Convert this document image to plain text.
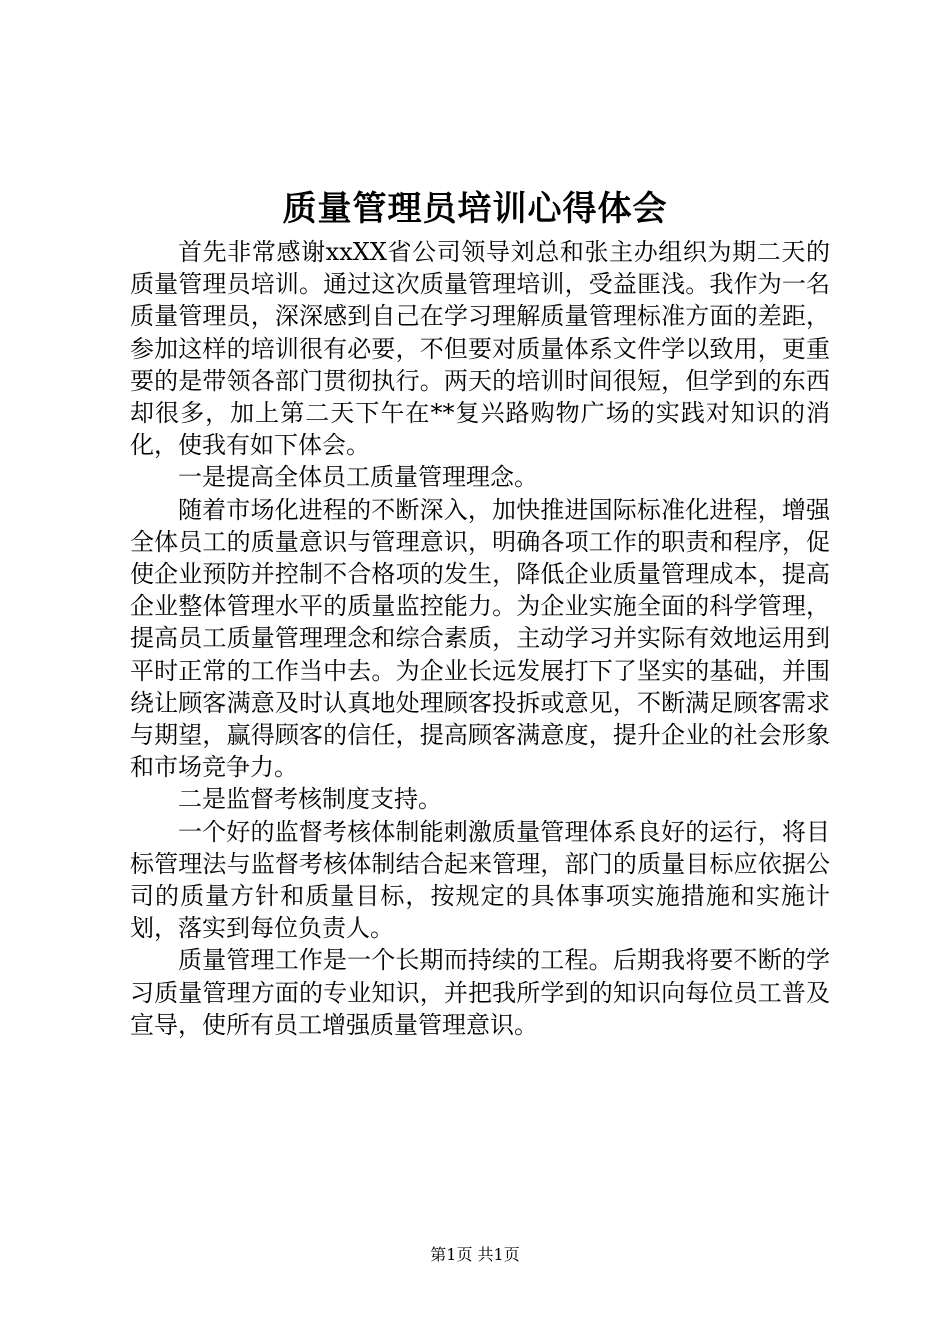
质量管理员培训心得体会

首先非常感谢xxXX省公司领导刘总和张主办组织为期二天的质量管理员培训。通过这次质量管理培训，受益匪浅。我作为一名质量管理员，深深感到自己在学习理解质量管理标准方面的差距，参加这样的培训很有必要，不但要对质量体系文件学以致用，更重要的是带领各部门贯彻执行。两天的培训时间很短，但学到的东西却很多，加上第二天下午在**复兴路购物广场的实践对知识的消化，使我有如下体会。

一是提高全体员工质量管理理念。

随着市场化进程的不断深入，加快推进国际标准化进程，增强全体员工的质量意识与管理意识，明确各项工作的职责和程序，促使企业预防并控制不合格项的发生，降低企业质量管理成本，提高企业整体管理水平的质量监控能力。为企业实施全面的科学管理，提高员工质量管理理念和综合素质，主动学习并实际有效地运用到平时正常的工作当中去。为企业长远发展打下了坚实的基础，并围绕让顾客满意及时认真地处理顾客投拆或意见，不断满足顾客需求与期望，赢得顾客的信任，提高顾客满意度，提升企业的社会形象和市场竞争力。

二是监督考核制度支持。

一个好的监督考核体制能刺激质量管理体系良好的运行，将目标管理法与监督考核体制结合起来管理，部门的质量目标应依据公司的质量方针和质量目标，按规定的具体事项实施措施和实施计划，落实到每位负责人。

质量管理工作是一个长期而持续的工程。后期我将要不断的学习质量管理方面的专业知识，并把我所学到的知识向每位员工普及宣导，使所有员工增强质量管理意识。

第1页 共1页
